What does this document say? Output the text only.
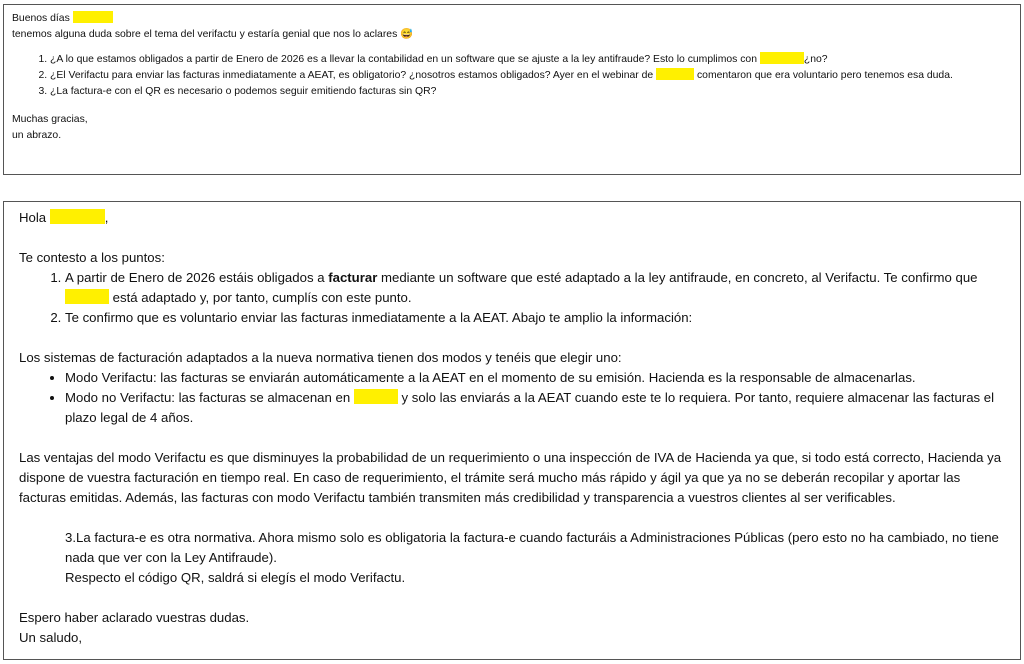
Buenos días
tenemos alguna duda sobre el tema del verifactu y estaría genial que nos lo aclares 😅
1. ¿A lo que estamos obligados a partir de Enero de 2026 es a llevar la contabilidad en un software que se ajuste a la ley antifraude? Esto lo cumplimos con	¿no?
2. ¿El Verifactu para enviar las facturas inmediatamente a AEAT, es obligatorio? ¿nosotros estamos obligados? Ayer en el webinar de	comentaron que era voluntario pero tenemos esa duda.
3. ¿La factura-e con el QR es necesario o podemos seguir emitiendo facturas sin QR?
Muchas gracias,
un abrazo.
Hola	,
Te contesto a los puntos:
1. A partir de Enero de 2026 estáis obligados a facturar mediante un software que esté adaptado a la ley antifraude, en concreto, al Verifactu. Te confirmo que
está adaptado y, por tanto, cumplís con este punto.
2. Te confirmo que es voluntario enviar las facturas inmediatamente a la AEAT. Abajo te amplio la información:
Los sistemas de facturación adaptados a la nueva normativa tienen dos modos y tenéis que elegir uno:
• Modo Verifactu: las facturas se enviarán automáticamente a la AEAT en el momento de su emisión. Hacienda es la responsable de almacenarlas.
• Modo no Verifactu: las facturas se almacenan en	y solo las enviarás a la AEAT cuando este te lo requiera. Por tanto, requiere almacenar las facturas el plazo legal de 4 años.
Las ventajas del modo Verifactu es que disminuyes la probabilidad de un requerimiento o una inspección de IVA de Hacienda ya que, si todo está correcto, Hacienda ya dispone de vuestra facturación en tiempo real. En caso de requerimiento, el trámite será mucho más rápido y ágil ya que ya no se deberán recopilar y aportar las facturas emitidas. Además, las facturas con modo Verifactu también transmiten más credibilidad y transparencia a vuestros clientes al ser verificables.
3.La factura-e es otra normativa. Ahora mismo solo es obligatoria la factura-e cuando facturáis a Administraciones Públicas (pero esto no ha cambiado, no tiene nada que ver con la Ley Antifraude).
Respecto el código QR, saldrá si elegís el modo Verifactu.
Espero haber aclarado vuestras dudas.
Un saludo,
